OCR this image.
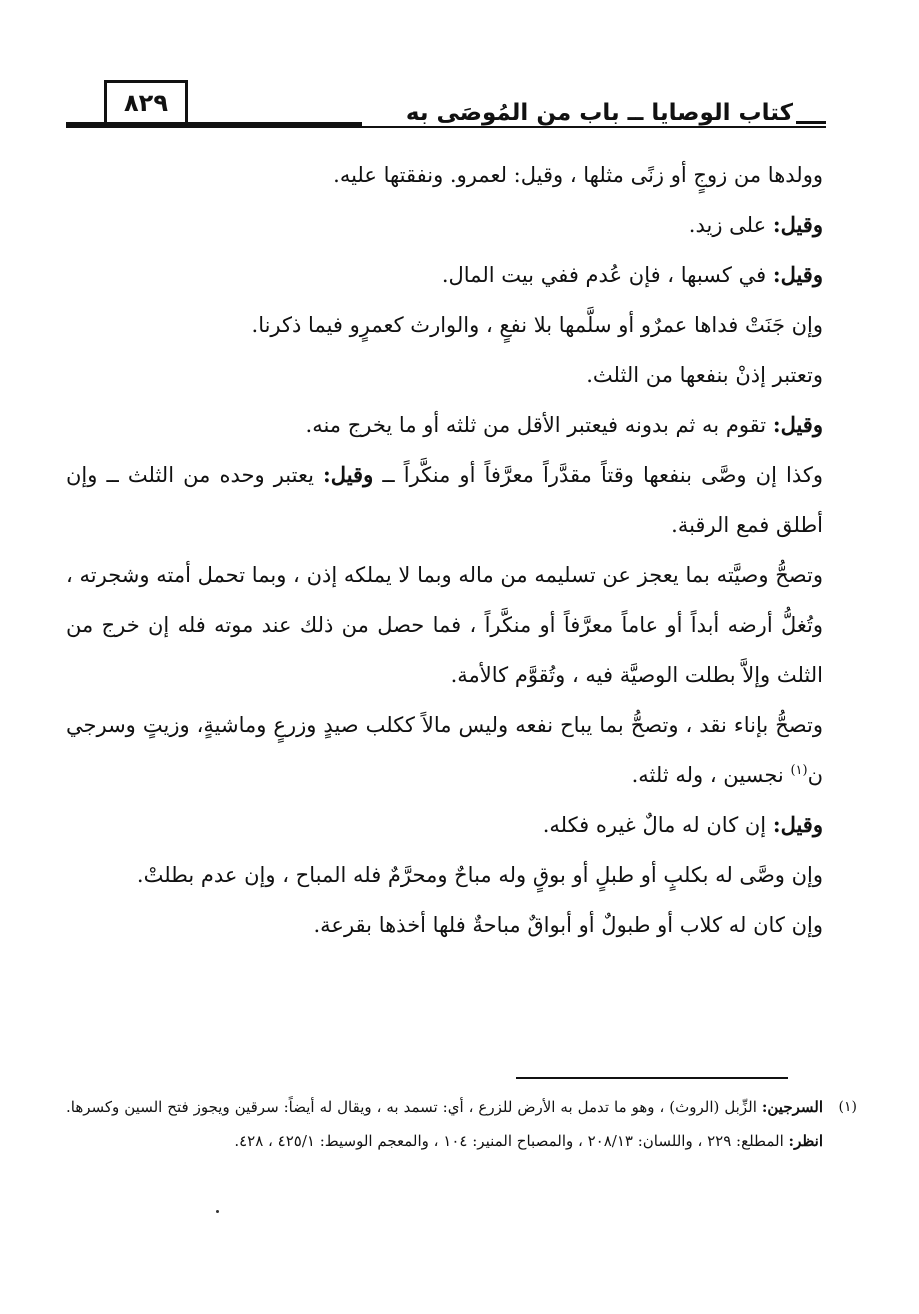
٨٢٩	كتاب الوصايا ــ باب من المُوصَى به

وولدها من زوجٍ أو زنًى مثلها ، وقيل: لعمرو. ونفقتها عليه.

وقيل: على زيد.

وقيل: في كسبها ، فإن عُدم ففي بيت المال.

وإن جَنَتْ فداها عمرٌو أو سلَّمها بلا نفعٍ ، والوارث كعمرٍو فيما ذكرنا.

وتعتبر إذنْ بنفعها من الثلث.

وقيل: تقوم به ثم بدونه فيعتبر الأقل من ثلثه أو ما يخرج منه.

وكذا إن وصَّى بنفعها وقتاً مقدَّراً معرَّفاً أو منكَّراً ــ وقيل: يعتبر وحده من الثلث ــ وإن أطلق فمع الرقبة.

وتصحُّ وصيَّته بما يعجز عن تسليمه من ماله وبما لا يملكه إذن ، وبما تحمل أمته وشجرته ، وتُغلُّ أرضه أبداً أو عاماً معرَّفاً أو منكَّراً ، فما حصل من ذلك عند موته فله إن خرج من الثلث وإلاَّ بطلت الوصيَّة فيه ، وتُقوَّم كالأمة.

وتصحُّ بإناء نقد ، وتصحُّ بما يباح نفعه وليس مالاً ككلب صيدٍ وزرعٍ وماشيةٍ، وزيتٍ وسرجي ن$^{(١)}$ نجسين ، وله ثلثه.

وقيل: إن كان له مالٌ غيره فكله.

وإن وصَّى له بكلبٍ أو طبلٍ أو بوقٍ وله مباحٌ ومحرَّمٌ فله المباح ، وإن عدم بطلتْ.

وإن كان له كلاب أو طبولٌ أو أبواقٌ مباحةٌ فلها أخذها بقرعة.

(١)

السرجين: الزِّبل (الروث) ، وهو ما تدمل به الأرض للزرع ، أي: تسمد به ، ويقال له أيضاً: سرقين ويجوز فتح السين وكسرها. انظر: المطلع: ٢٢٩ ، واللسان: ٢٠٨/١٣ ، والمصباح المنير: ١٠٤ ، والمعجم الوسيط: ٤٢٥/١ ، ٤٢٨.
